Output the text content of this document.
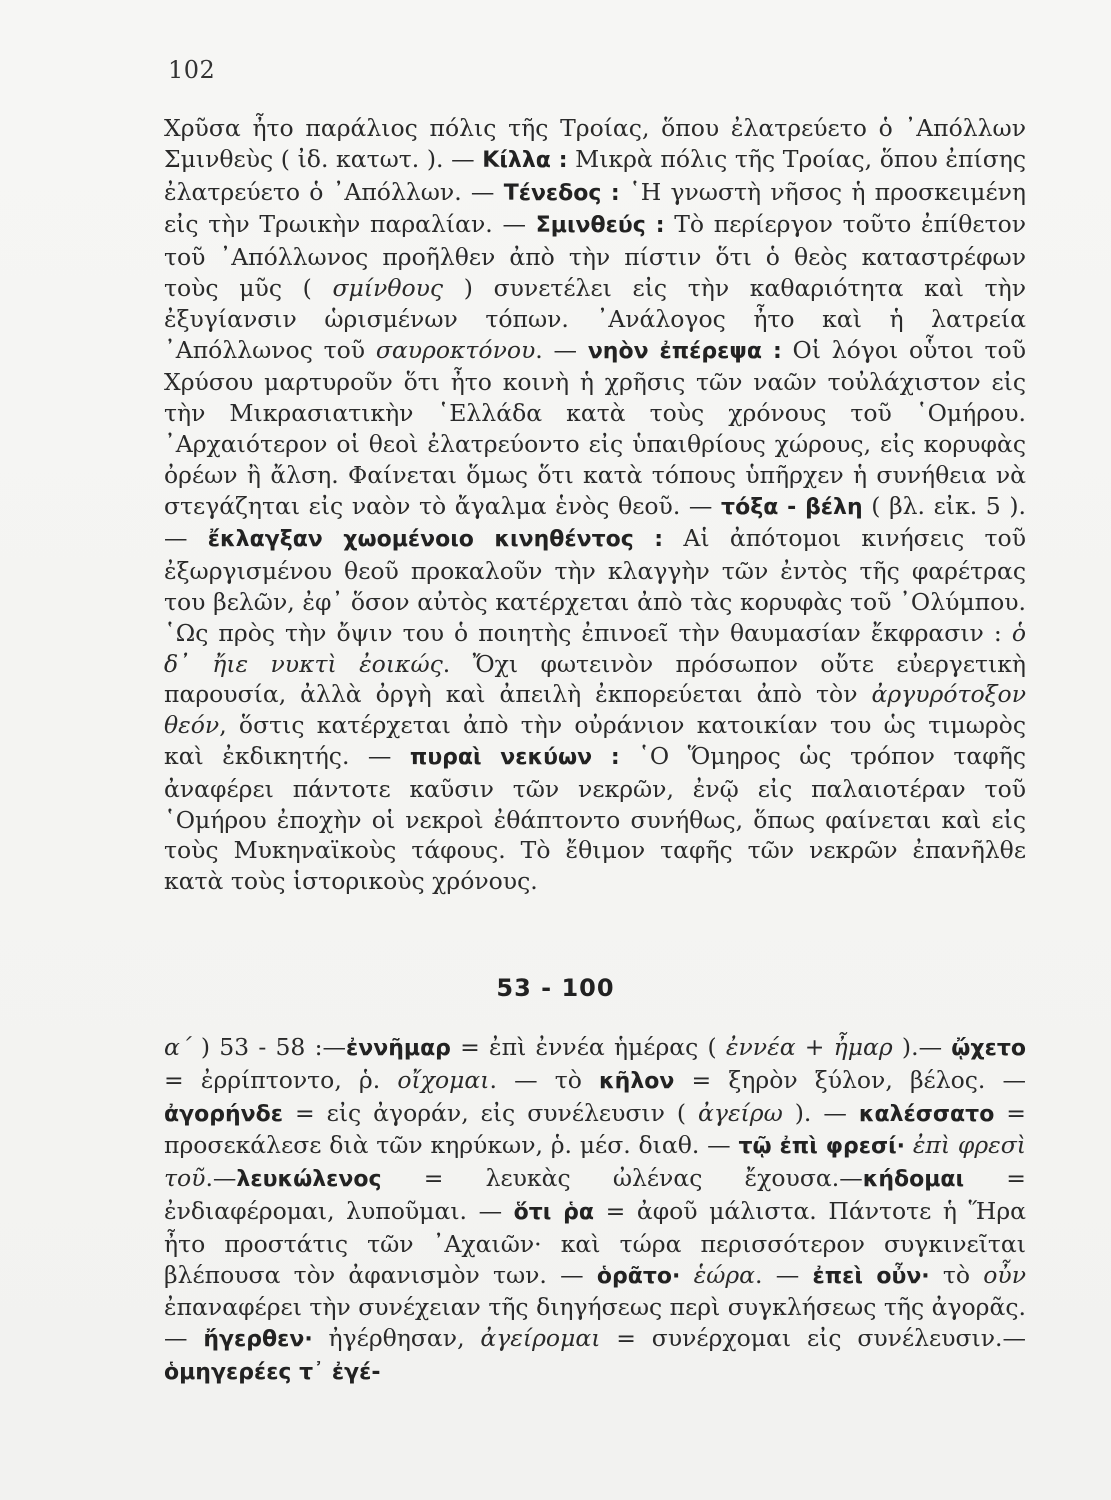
102

Χρῦσα ἦτο παράλιος πόλις τῆς Τροίας, ὅπου ἐλατρεύετο ὁ ᾿Απόλλων Σμινθεὺς ( ἰδ. κατωτ. ). — Κίλλα : Μικρὰ πόλις τῆς Τροίας, ὅπου ἐπίσης ἐλατρεύετο ὁ ᾿Απόλλων. — Τένεδος : ῾Η γνωστὴ νῆσος ἡ προσκειμένη εἰς τὴν Τρωικὴν παραλίαν. — Σμινθεύς : Τὸ περίεργον τοῦτο ἐπίθετον τοῦ ᾿Απόλλωνος προῆλθεν ἀπὸ τὴν πίστιν ὅτι ὁ θεὸς καταστρέφων τοὺς μῦς ( σμίνθους ) συνετέλει εἰς τὴν καθαριότητα καὶ τὴν ἐξυγίανσιν ὡρισμένων τόπων. ᾿Ανάλογος ἦτο καὶ ἡ λατρεία ᾿Απόλλωνος τοῦ σαυροκτόνου. — νηὸν ἐπέρεψα : Οἱ λόγοι οὗτοι τοῦ Χρύσου μαρτυροῦν ὅτι ἦτο κοινὴ ἡ χρῆσις τῶν ναῶν τοὐλάχιστον εἰς τὴν Μικρασιατικὴν ῾Ελλάδα κατὰ τοὺς χρόνους τοῦ ῾Ομήρου. ᾿Αρχαιότερον οἱ θεοὶ ἐλατρεύοντο εἰς ὑπαιθρίους χώρους, εἰς κορυφὰς ὀρέων ἢ ἄλση. Φαίνεται ὅμως ὅτι κατὰ τόπους ὑπῆρχεν ἡ συνήθεια νὰ στεγάζηται εἰς ναὸν τὸ ἄγαλμα ἑνὸς θεοῦ. — τόξα - βέλη ( βλ. εἰκ. 5 ). — ἔκλαγξαν χωομένοιο κινηθέντος : Αἱ ἀπότομοι κινήσεις τοῦ ἐξωργισμένου θεοῦ προκαλοῦν τὴν κλαγγὴν τῶν ἐντὸς τῆς φαρέτρας του βελῶν, ἐφ᾿ ὅσον αὐτὸς κατέρχεται ἀπὸ τὰς κορυφὰς τοῦ ᾿Ολύμπου. ῾Ως πρὸς τὴν ὄψιν του ὁ ποιητὴς ἐπινοεῖ τὴν θαυμασίαν ἔκφρασιν : ὁ δ᾿ ἤιε νυκτὶ ἐοικώς. Ὄχι φωτεινὸν πρόσωπον οὔτε εὐεργετικὴ παρουσία, ἀλλὰ ὀργὴ καὶ ἀπειλὴ ἐκπορεύεται ἀπὸ τὸν ἀργυρότοξον θεόν, ὅστις κατέρχεται ἀπὸ τὴν οὐράνιον κατοικίαν του ὡς τιμωρὸς καὶ ἐκδικητής. — πυραὶ νεκύων : ῾Ο Ὅμηρος ὡς τρόπον ταφῆς ἀναφέρει πάντοτε καῦσιν τῶν νεκρῶν, ἐνῷ εἰς παλαιοτέραν τοῦ ῾Ομήρου ἐποχὴν οἱ νεκροὶ ἐθάπτοντο συνήθως, ὅπως φαίνεται καὶ εἰς τοὺς Μυκηναϊκοὺς τάφους. Τὸ ἔθιμον ταφῆς τῶν νεκρῶν ἐπανῆλθε κατὰ τοὺς ἱστορικοὺς χρόνους.

53 - 100

α´ ) 53 - 58 :—ἐννῆμαρ = ἐπὶ ἐννέα ἡμέρας ( ἐννέα + ἦμαρ ).— ᾤχετο = ἐρρίπτοντο, ῥ. οἴχομαι. — τὸ κῆλον = ξηρὸν ξύλον, βέλος. — ἀγορήνδε = εἰς ἀγοράν, εἰς συνέλευσιν ( ἀγείρω ). — καλέσσατο = προσεκάλεσε διὰ τῶν κηρύκων, ῥ. μέσ. διαθ. — τῷ ἐπὶ φρεσί· ἐπὶ φρεσὶ τοῦ.—λευκώλενος = λευκὰς ὠλένας ἔχουσα.—κήδομαι = ἐνδιαφέρομαι, λυποῦμαι. — ὅτι ῥα = ἀφοῦ μάλιστα. Πάντοτε ἡ Ἥρα ἦτο προστάτις τῶν ᾿Αχαιῶν· καὶ τώρα περισσότερον συγκινεῖται βλέπουσα τὸν ἀφανισμὸν των. — ὁρᾶτο· ἑώρα. — ἐπεὶ οὖν· τὸ οὖν ἐπαναφέρει τὴν συνέχειαν τῆς διηγήσεως περὶ συγκλήσεως τῆς ἀγορᾶς. — ἤγερθεν· ἠγέρθησαν, ἀγείρομαι = συνέρχομαι εἰς συνέλευσιν.—ὁμηγερέες τ᾿ ἐγέ-
